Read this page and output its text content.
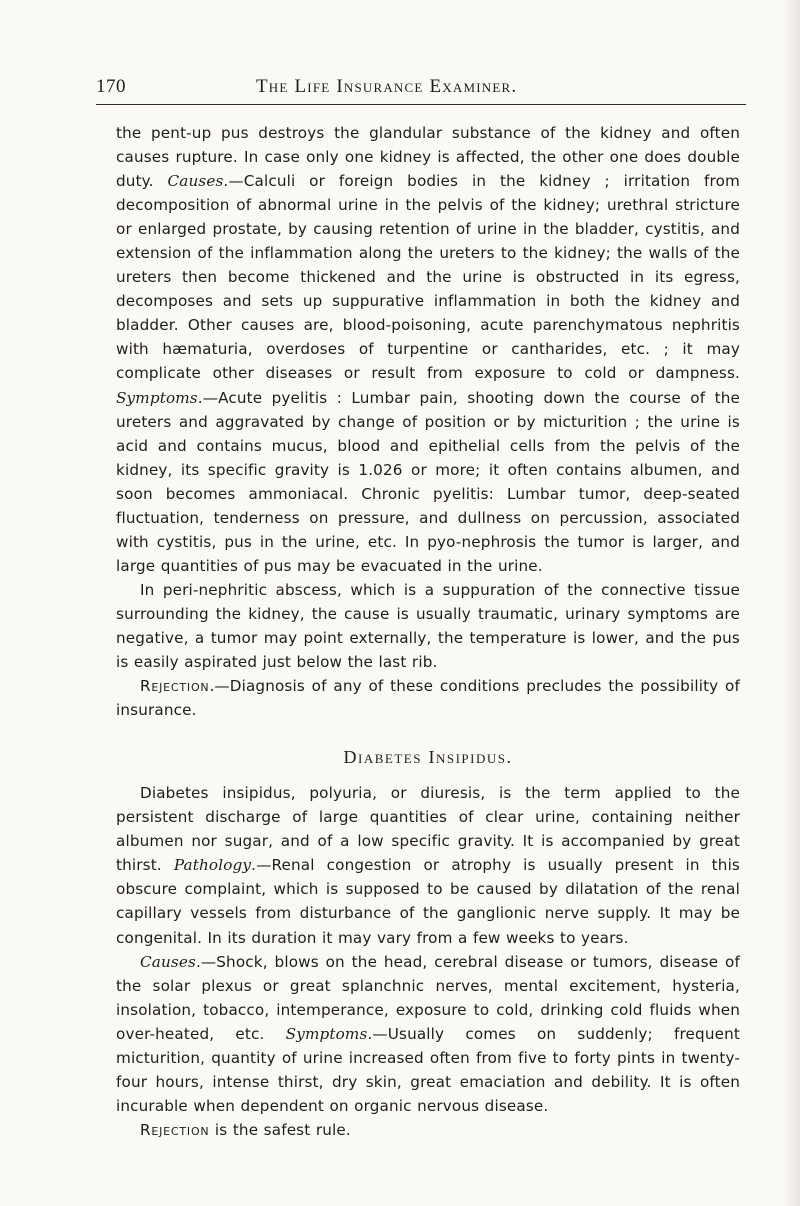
170	The Life Insurance Examiner.

the pent-up pus destroys the glandular substance of the kidney and often causes rupture. In case only one kidney is affected, the other one does double duty. Causes.—Calculi or foreign bodies in the kidney ; irritation from decomposition of abnormal urine in the pelvis of the kidney; urethral stricture or enlarged prostate, by causing retention of urine in the bladder, cystitis, and extension of the inflammation along the ureters to the kidney; the walls of the ureters then become thickened and the urine is obstructed in its egress, decomposes and sets up suppurative inflammation in both the kidney and bladder. Other causes are, blood-poisoning, acute parenchymatous nephritis with hæmaturia, overdoses of turpentine or cantharides, etc. ; it may complicate other diseases or result from exposure to cold or dampness. Symptoms.—Acute pyelitis : Lumbar pain, shooting down the course of the ureters and aggravated by change of position or by micturition ; the urine is acid and contains mucus, blood and epithelial cells from the pelvis of the kidney, its specific gravity is 1.026 or more; it often contains albumen, and soon becomes ammoniacal. Chronic pyelitis: Lumbar tumor, deep-seated fluctuation, tenderness on pressure, and dullness on percussion, associated with cystitis, pus in the urine, etc. In pyo-nephrosis the tumor is larger, and large quantities of pus may be evacuated in the urine.

In peri-nephritic abscess, which is a suppuration of the connective tissue surrounding the kidney, the cause is usually traumatic, urinary symptoms are negative, a tumor may point externally, the temperature is lower, and the pus is easily aspirated just below the last rib.

Rejection.—Diagnosis of any of these conditions precludes the possibility of insurance.

Diabetes Insipidus.

Diabetes insipidus, polyuria, or diuresis, is the term applied to the persistent discharge of large quantities of clear urine, containing neither albumen nor sugar, and of a low specific gravity. It is accompanied by great thirst. Pathology.—Renal congestion or atrophy is usually present in this obscure complaint, which is supposed to be caused by dilatation of the renal capillary vessels from disturbance of the ganglionic nerve supply. It may be congenital. In its duration it may vary from a few weeks to years.

Causes.—Shock, blows on the head, cerebral disease or tumors, disease of the solar plexus or great splanchnic nerves, mental excitement, hysteria, insolation, tobacco, intemperance, exposure to cold, drinking cold fluids when over-heated, etc. Symptoms.—Usually comes on suddenly; frequent micturition, quantity of urine increased often from five to forty pints in twenty-four hours, intense thirst, dry skin, great emaciation and debility. It is often incurable when dependent on organic nervous disease.

Rejection is the safest rule.
